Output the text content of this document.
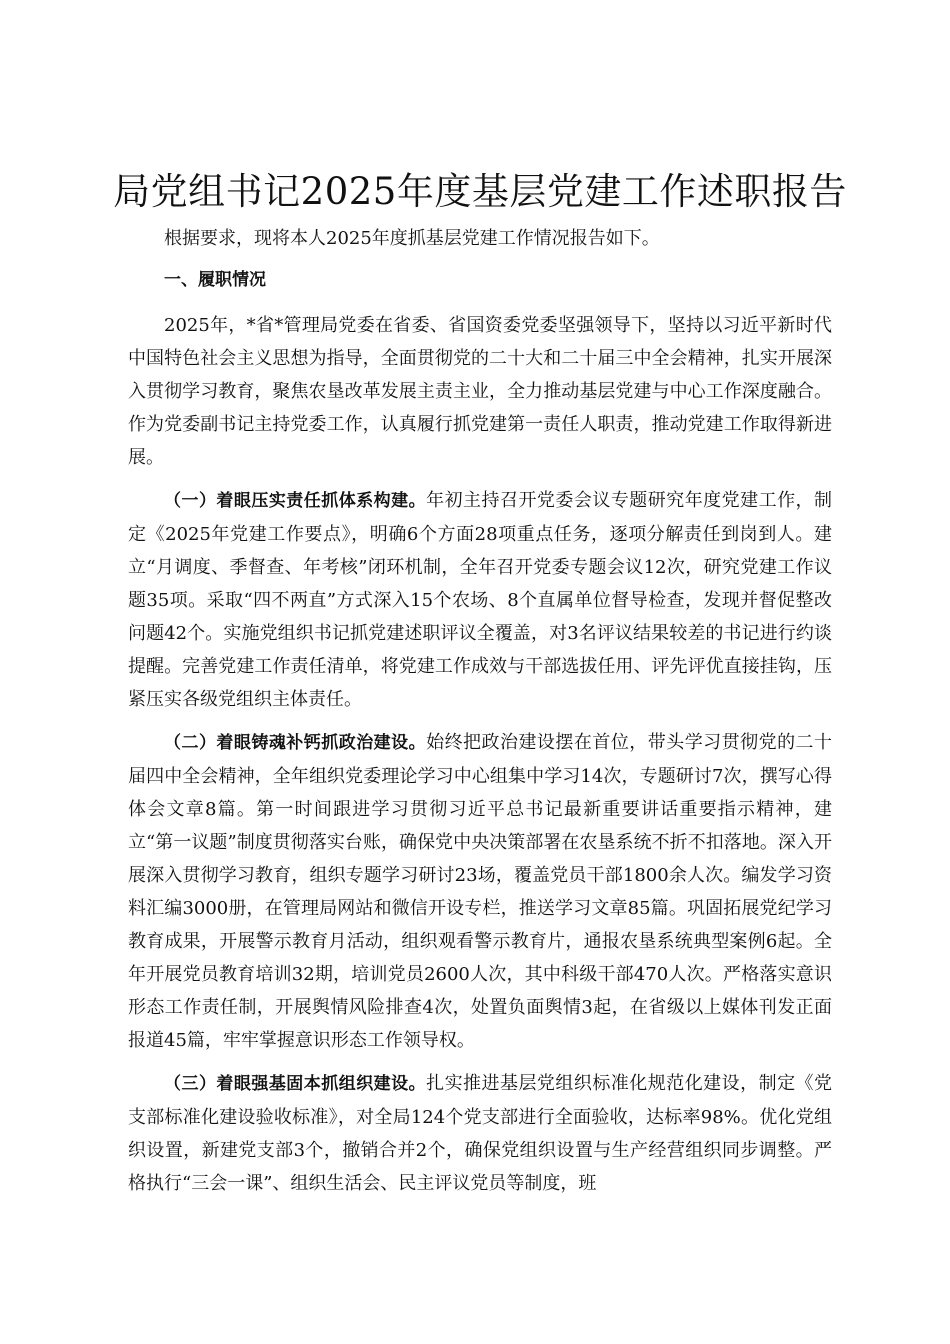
局党组书记2025年度基层党建工作述职报告

根据要求，现将本人2025年度抓基层党建工作情况报告如下。

一、履职情况

2025年，*省*管理局党委在省委、省国资委党委坚强领导下，坚持以习近平新时代中国特色社会主义思想为指导，全面贯彻党的二十大和二十届三中全会精神，扎实开展深入贯彻学习教育，聚焦农垦改革发展主责主业，全力推动基层党建与中心工作深度融合。作为党委副书记主持党委工作，认真履行抓党建第一责任人职责，推动党建工作取得新进展。

（一）着眼压实责任抓体系构建。年初主持召开党委会议专题研究年度党建工作，制定《2025年党建工作要点》，明确6个方面28项重点任务，逐项分解责任到岗到人。建立“月调度、季督查、年考核”闭环机制，全年召开党委专题会议12次，研究党建工作议题35项。采取“四不两直”方式深入15个农场、8个直属单位督导检查，发现并督促整改问题42个。实施党组织书记抓党建述职评议全覆盖，对3名评议结果较差的书记进行约谈提醒。完善党建工作责任清单，将党建工作成效与干部选拔任用、评先评优直接挂钩，压紧压实各级党组织主体责任。

（二）着眼铸魂补钙抓政治建设。始终把政治建设摆在首位，带头学习贯彻党的二十届四中全会精神，全年组织党委理论学习中心组集中学习14次，专题研讨7次，撰写心得体会文章8篇。第一时间跟进学习贯彻习近平总书记最新重要讲话重要指示精神，建立“第一议题”制度贯彻落实台账，确保党中央决策部署在农垦系统不折不扣落地。深入开展深入贯彻学习教育，组织专题学习研讨23场，覆盖党员干部1800余人次。编发学习资料汇编3000册，在管理局网站和微信开设专栏，推送学习文章85篇。巩固拓展党纪学习教育成果，开展警示教育月活动，组织观看警示教育片，通报农垦系统典型案例6起。全年开展党员教育培训32期，培训党员2600人次，其中科级干部470人次。严格落实意识形态工作责任制，开展舆情风险排查4次，处置负面舆情3起，在省级以上媒体刊发正面报道45篇，牢牢掌握意识形态工作领导权。

（三）着眼强基固本抓组织建设。扎实推进基层党组织标准化规范化建设，制定《党支部标准化建设验收标准》，对全局124个党支部进行全面验收，达标率98%。优化党组织设置，新建党支部3个，撤销合并2个，确保党组织设置与生产经营组织同步调整。严格执行“三会一课”、组织生活会、民主评议党员等制度，班
